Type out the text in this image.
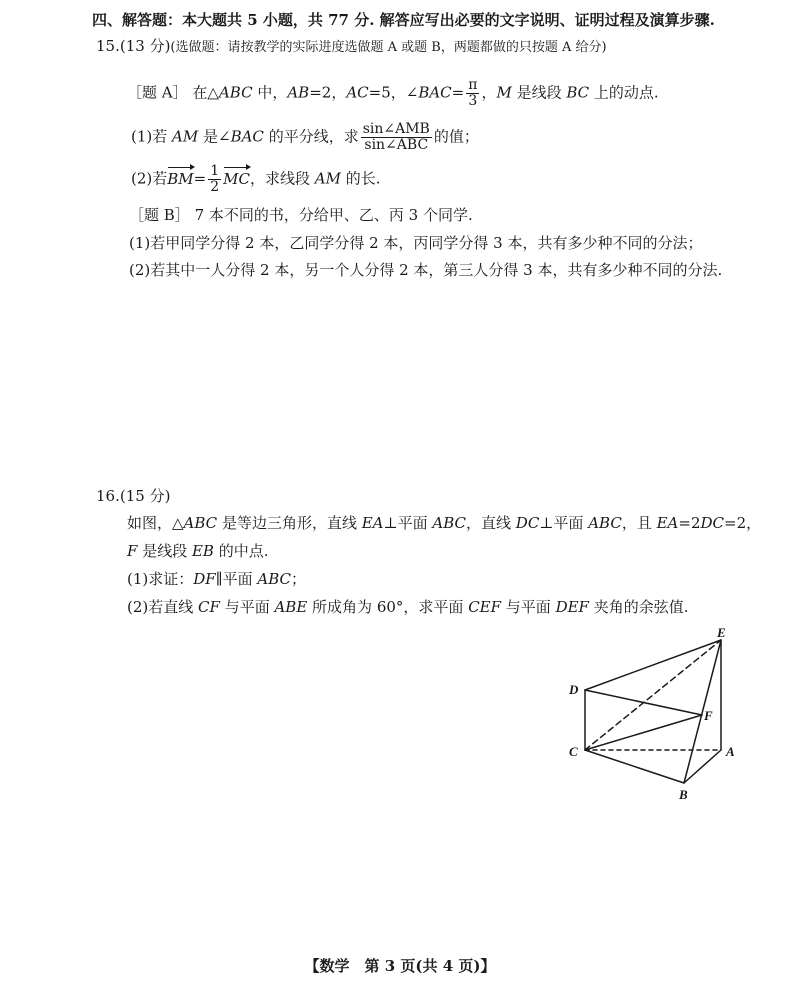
四、解答题：本大题共 5 小题，共 77 分. 解答应写出必要的文字说明、证明过程及演算步骤.
15.(13 分)(选做题：请按教学的实际进度选做题 A 或题 B，两题都做的只按题 A 给分)
［题 A］ 在△ABC 中，AB=2，AC=5，∠BAC= $\frac{\pi}{3}$ ，M 是线段 BC 上的动点.
(1)若 AM 是∠BAC 的平分线，求 $\frac{\text{sin∠AMB}}{\text{sin∠ABC}}$ 的值；
(2)若$BM= \frac{1}{2}$ MC，求线段 AM 的长.
［题 B］ 7 本不同的书，分给甲、乙、丙 3 个同学.
(1)若甲同学分得 2 本，乙同学分得 2 本，丙同学分得 3 本，共有多少种不同的分法；
(2)若其中一人分得 2 本，另一个人分得 2 本，第三人分得 3 本，共有多少种不同的分法.
16.(15 分)
如图，△ABC 是等边三角形，直线 EA⊥平面 ABC，直线 DC⊥平面 ABC，且 EA=2DC=2，
F 是线段 EB 的中点.
(1)求证：DF∥平面 ABC；
(2)若直线 CF 与平面 ABE 所成角为 60°，求平面 CEF 与平面 DEF 夹角的余弦值.
E
D
F
C	A
B
【数学　第 3 页(共 4 页)】
